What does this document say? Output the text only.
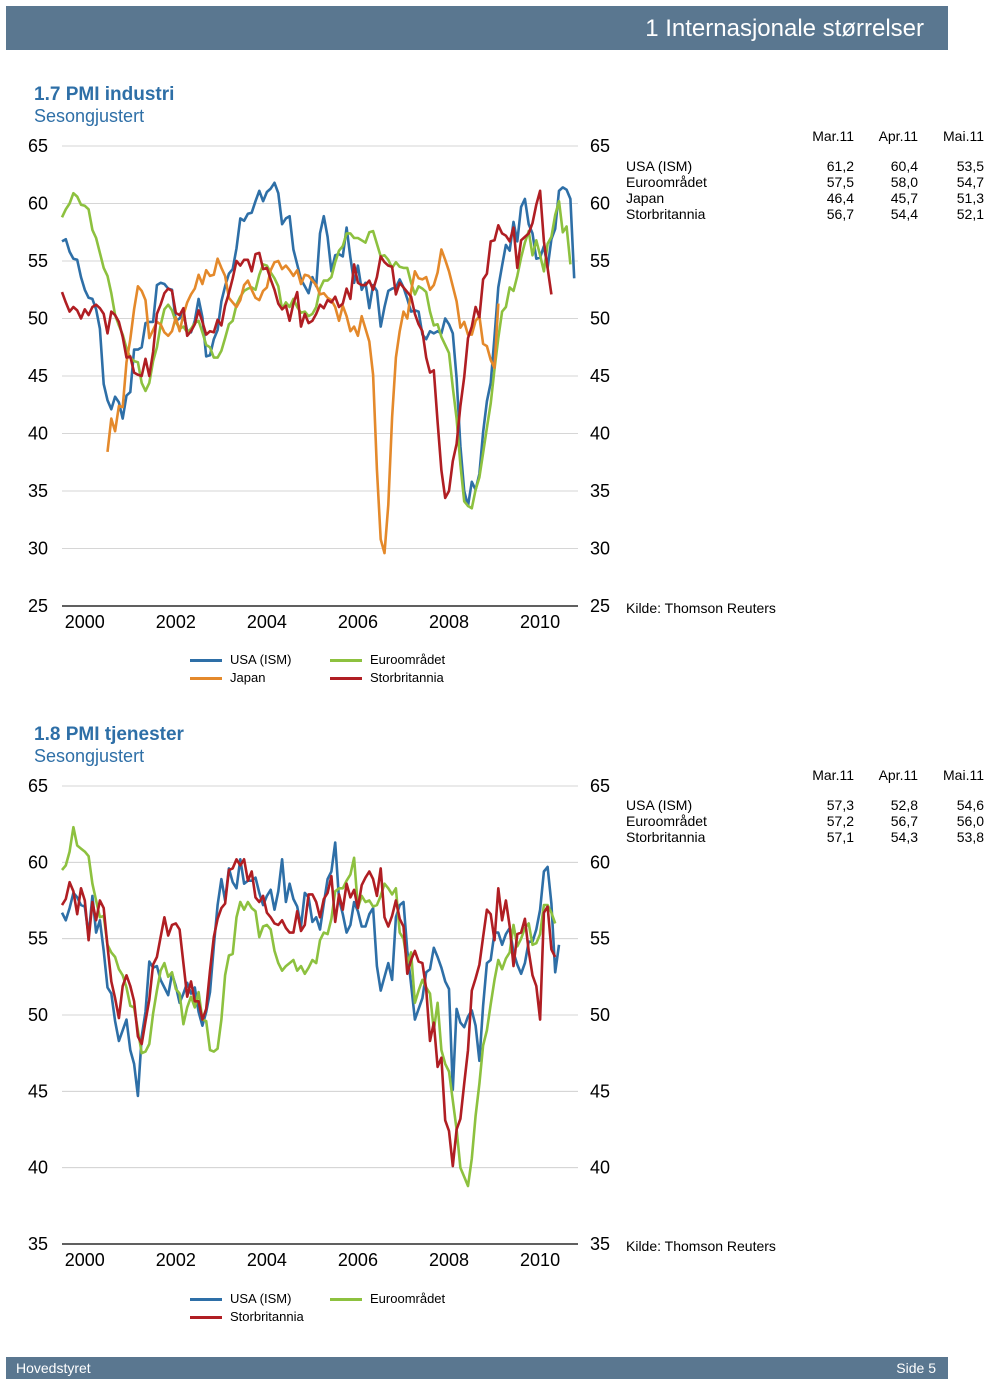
1 Internasjonale størrelser
1.7 PMI industri
Sesongjustert
25	25
30	30
35	35
40	40
45	45
50	50
55	55
60	60
65	65
2000	2002	2004	2006	2008	2010
Mar.11	Apr.11	Mai.11
USA (ISM)	61,2	60,4	53,5
Euroområdet	57,5	58,0	54,7
Japan	46,4	45,7	51,3
Storbritannia	56,7	54,4	52,1
Kilde: Thomson Reuters
USA (ISM)	Euroområdet
Japan	Storbritannia
1.8 PMI tjenester
Sesongjustert
35	35
40	40
45	45
50	50
55	55
60	60
65	65
2000	2002	2004	2006	2008	2010
Mar.11	Apr.11	Mai.11
USA (ISM)	57,3	52,8	54,6
Euroområdet	57,2	56,7	56,0
Storbritannia	57,1	54,3	53,8
Kilde: Thomson Reuters
USA (ISM)	Euroområdet
Storbritannia
Hovedstyret	Side 5
